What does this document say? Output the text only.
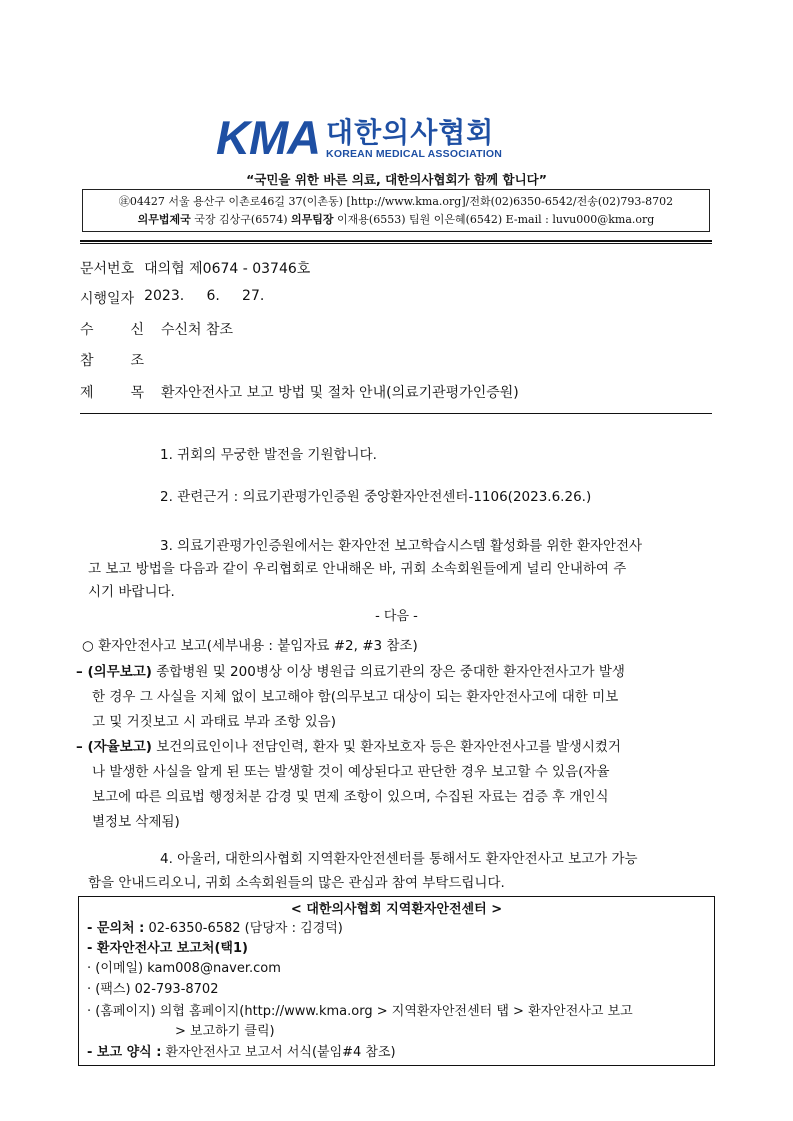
KMA 대한의사협회
KOREAN MEDICAL ASSOCIATION
“국민을 위한 바른 의료, 대한의사협회가 함께 합니다”
㊟04427 서울 용산구 이촌로46길 37(이촌동) [http://www.kma.org]/전화(02)6350-6542/전송(02)793-8702
의무법제국 국장 김상구(6574) 의무팀장 이재용(6553) 팀원 이은혜(6542) E-mail : luvu000@kma.org
문서번호 대의협 제0674 - 03746호
시행일자 2023.     6.     27.
수	신 수신처 참조
참	조
제	목 환자안전사고 보고 방법 및 절차 안내(의료기관평가인증원)
1. 귀회의 무궁한 발전을 기원합니다.
2. 관련근거 : 의료기관평가인증원 중앙환자안전센터-1106(2023.6.26.)
3. 의료기관평가인증원에서는 환자안전 보고학습시스템 활성화를 위한 환자안전사
고 보고 방법을 다음과 같이 우리협회로 안내해온 바, 귀회 소속회원들에게 널리 안내하여 주
시기 바랍니다.
- 다음 -
○ 환자안전사고 보고(세부내용 : 붙임자료 #2, #3 참조)
– (의무보고) 종합병원 및 200병상 이상 병원급 의료기관의 장은 중대한 환자안전사고가 발생
한 경우 그 사실을 지체 없이 보고해야 함(의무보고 대상이 되는 환자안전사고에 대한 미보
고 및 거짓보고 시 과태료 부과 조항 있음)
– (자율보고) 보건의료인이나 전담인력, 환자 및 환자보호자 등은 환자안전사고를 발생시켰거
나 발생한 사실을 알게 된 또는 발생할 것이 예상된다고 판단한 경우 보고할 수 있음(자율
보고에 따른 의료법 행정처분 감경 및 면제 조항이 있으며, 수집된 자료는 검증 후 개인식
별정보 삭제됨)
4. 아울러, 대한의사협회 지역환자안전센터를 통해서도 환자안전사고 보고가 가능
함을 안내드리오니, 귀회 소속회원들의 많은 관심과 참여 부탁드립니다.
< 대한의사협회 지역환자안전센터 >
- 문의처 : 02-6350-6582 (담당자 : 김경덕)
- 환자안전사고 보고처(택1)
· (이메일) kam008@naver.com
· (팩스) 02-793-8702
· (홈페이지) 의협 홈페이지(http://www.kma.org > 지역환자안전센터 탭 > 환자안전사고 보고
> 보고하기 클릭)
- 보고 양식 : 환자안전사고 보고서 서식(붙임#4 참조)
